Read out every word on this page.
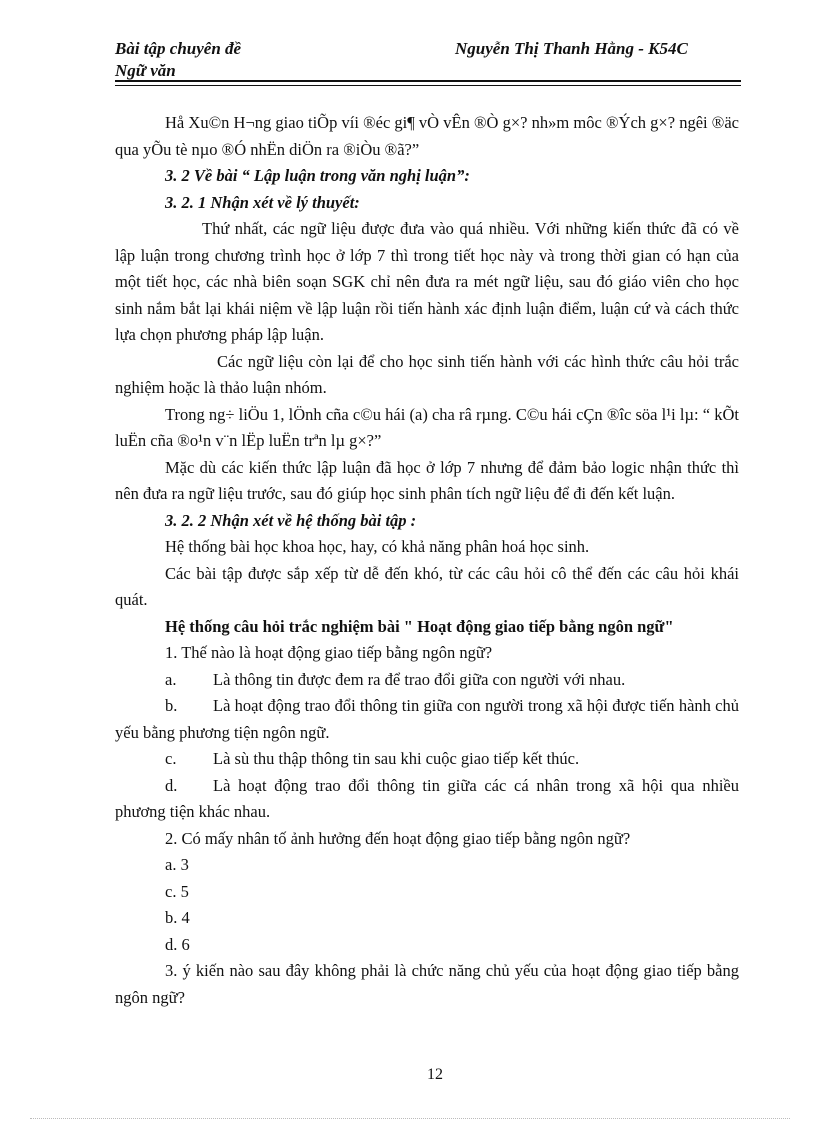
Bài tập chuyên đề	Nguyễn Thị Thanh Hằng - K54C
Ngữ văn

Hå Xu©n H¬ng giao tiÕp víi ®éc gi¶ vÒ vÊn ®Ò g×? nh»m môc ®Ých g×? ngêi ®äc qua yÕu tè nµo ®Ó nhËn diÖn ra ®iÒu ®ã?”

3. 2 Về bài “ Lập luận trong văn nghị luận”:

3. 2. 1 Nhận xét về lý thuyết:

Thứ nhất, các ngữ liệu được đưa vào quá nhiều. Với những kiến thức đã có về lập luận trong chương trình học ở lớp 7 thì trong tiết học này và trong thời gian có hạn của một tiết học, các nhà biên soạn SGK chỉ nên đưa ra mét ngữ liệu, sau đó giáo viên cho học sinh nắm bắt lại khái niệm về lập luận rồi tiến hành xác định luận điểm, luận cứ và cách thức lựa chọn phương pháp lập luận.

Các ngữ liệu còn lại để cho học sinh tiến hành với các hình thức câu hỏi trắc nghiệm hoặc là thảo luận nhóm.

Trong ng÷ liÖu 1, lÖnh cña c©u hái (a) cha râ rµng. C©u hái cÇn ®îc söa l¹i lµ: “ kÕt luËn cña ®o¹n v¨n lËp luËn trªn lµ g×?”

Mặc dù các kiến thức lập luận đã học ở lớp 7 nhưng để đảm bảo logic nhận thức thì nên đưa ra ngữ liệu trước, sau đó giúp học sinh phân tích ngữ liệu để đi đến kết luận.

3. 2. 2 Nhận xét về hệ thống bài tập :

Hệ thống bài học khoa học, hay, có khả năng phân hoá học sinh.

Các bài tập được sắp xếp từ dễ đến khó, từ các câu hỏi cô thể đến các câu hỏi khái quát.

Hệ thống câu hỏi trắc nghiệm bài " Hoạt động giao tiếp bằng ngôn ngữ"

1. Thế nào là hoạt động giao tiếp bằng ngôn ngữ?

a. Là thông tin được đem ra để trao đổi giữa con người với nhau.

b. Là hoạt động trao đổi thông tin giữa con người trong xã hội được tiến hành chủ yếu bằng phương tiện ngôn ngữ.

c. Là sù thu thập thông tin sau khi cuộc giao tiếp kết thúc.

d. Là hoạt động trao đổi thông tin giữa các cá nhân trong xã hội qua nhiều phương tiện khác nhau.

2. Có mấy nhân tố ảnh hưởng đến hoạt động giao tiếp bằng ngôn ngữ?

a. 3

c. 5

b. 4

d. 6

3. ý kiến nào sau đây không phải là chức năng chủ yếu của hoạt động giao tiếp bằng ngôn ngữ?

12
